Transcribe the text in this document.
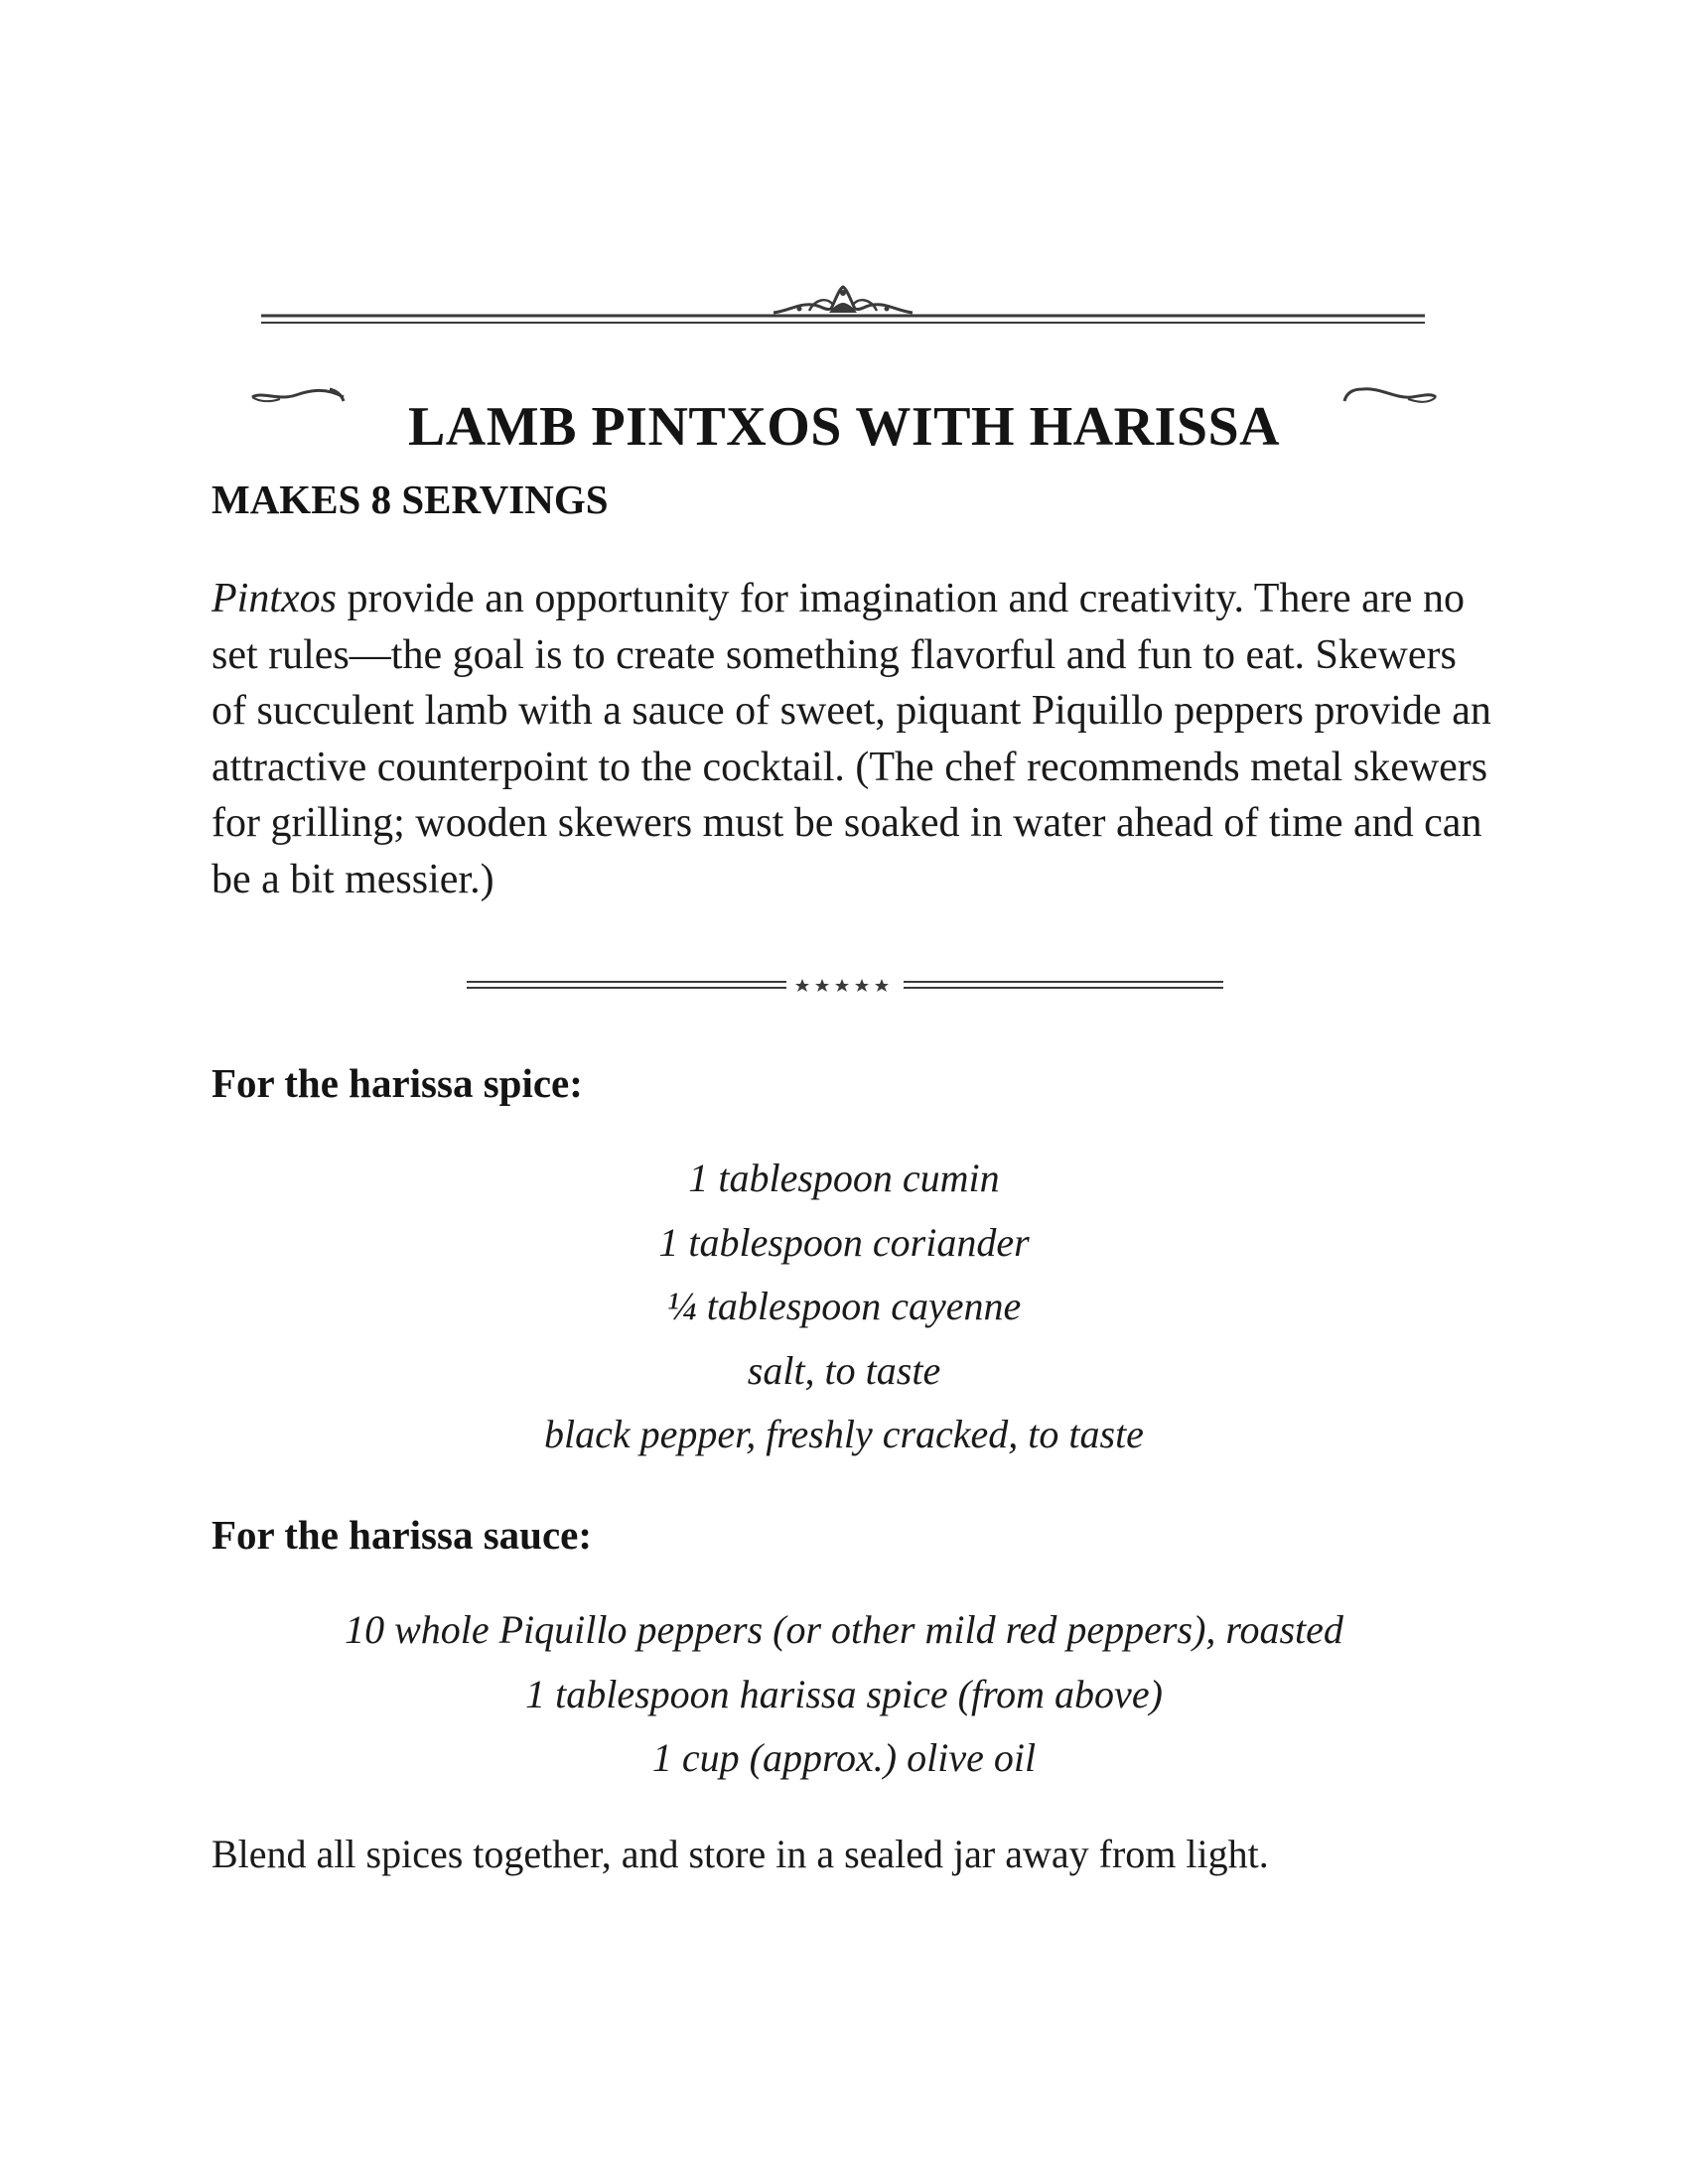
LAMB PINTXOS WITH HARISSA
MAKES 8 SERVINGS

Pintxos provide an opportunity for imagination and creativity. There are no set rules—the goal is to create something flavorful and fun to eat. Skewers of succulent lamb with a sauce of sweet, piquant Piquillo peppers provide an attractive counterpoint to the cocktail. (The chef recommends metal skewers for grilling; wooden skewers must be soaked in water ahead of time and can be a bit messier.)

For the harissa spice:
1 tablespoon cumin
1 tablespoon coriander
¼ tablespoon cayenne
salt, to taste
black pepper, freshly cracked, to taste
For the harissa sauce:
10 whole Piquillo peppers (or other mild red peppers), roasted
1 tablespoon harissa spice (from above)
1 cup (approx.) olive oil
Blend all spices together, and store in a sealed jar away from light.
